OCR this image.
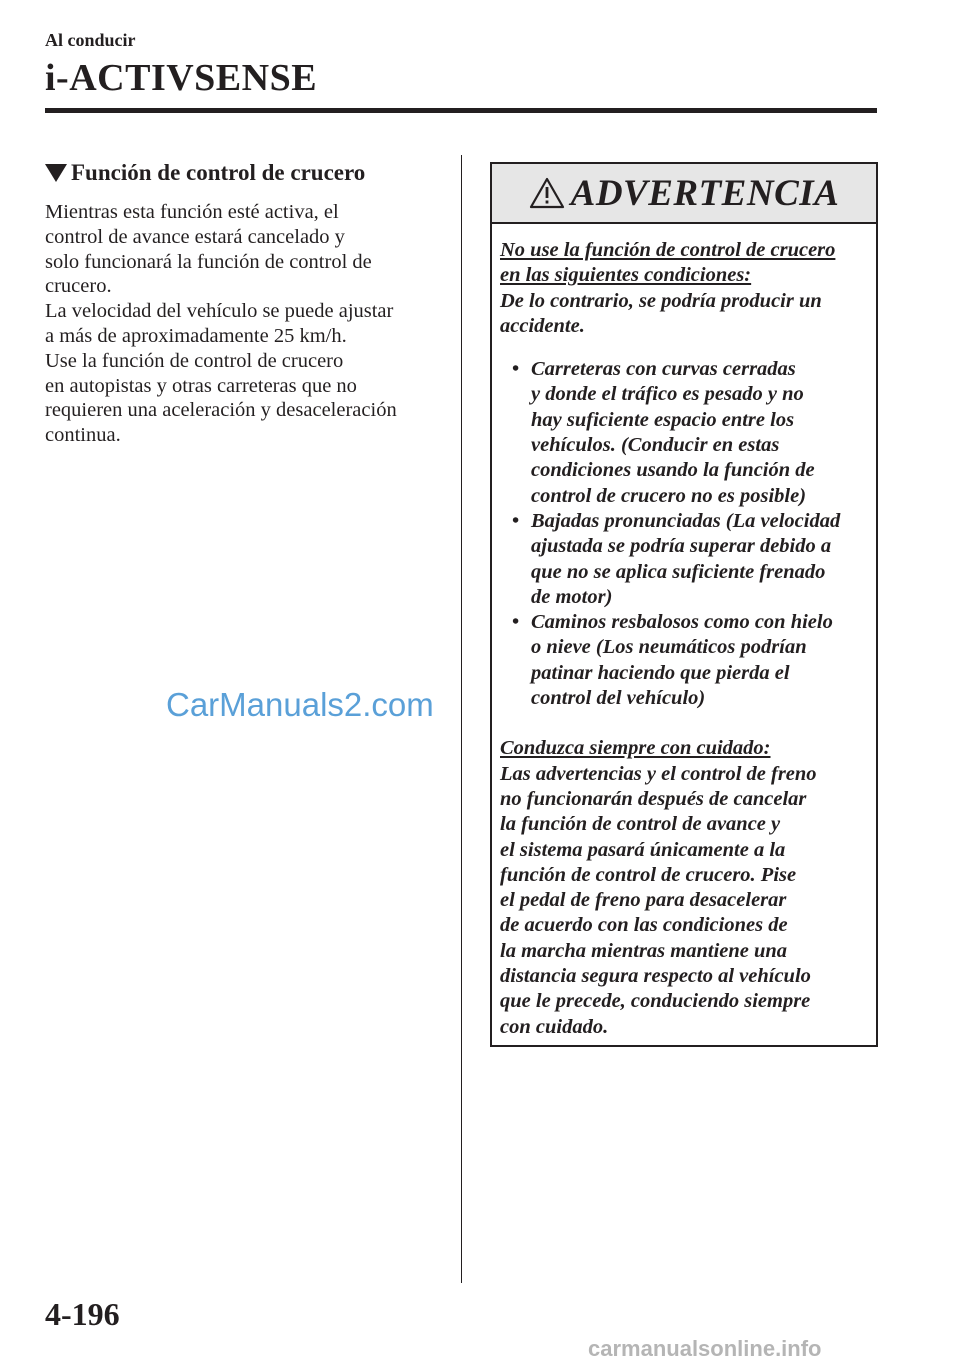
Al conducir
i-ACTIVSENSE
Función de control de crucero

Mientras esta función esté activa, el
control de avance estará cancelado y
solo funcionará la función de control de
crucero.

La velocidad del vehículo se puede ajustar
a más de aproximadamente 25 km/h.

Use la función de control de crucero
en autopistas y otras carreteras que no
requieren una aceleración y desaceleración
continua.

ADVERTENCIA

No use la función de control de crucero
en las siguientes condiciones:

De lo contrario, se podría producir un
accidente.

• Carreteras con curvas cerradas
y donde el tráfico es pesado y no
hay suficiente espacio entre los
vehículos. (Conducir en estas
condiciones usando la función de
control de crucero no es posible)
• Bajadas pronunciadas (La velocidad
ajustada se podría superar debido a
que no se aplica suficiente frenado
de motor)
• Caminos resbalosos como con hielo
o nieve (Los neumáticos podrían
patinar haciendo que pierda el
control del vehículo)

Conduzca siempre con cuidado:

Las advertencias y el control de freno
no funcionarán después de cancelar
la función de control de avance y
el sistema pasará únicamente a la
función de control de crucero. Pise
el pedal de freno para desacelerar
de acuerdo con las condiciones de
la marcha mientras mantiene una
distancia segura respecto al vehículo
que le precede, conduciendo siempre
con cuidado.

CarManuals2.com
4-196
carmanualsonline.info
